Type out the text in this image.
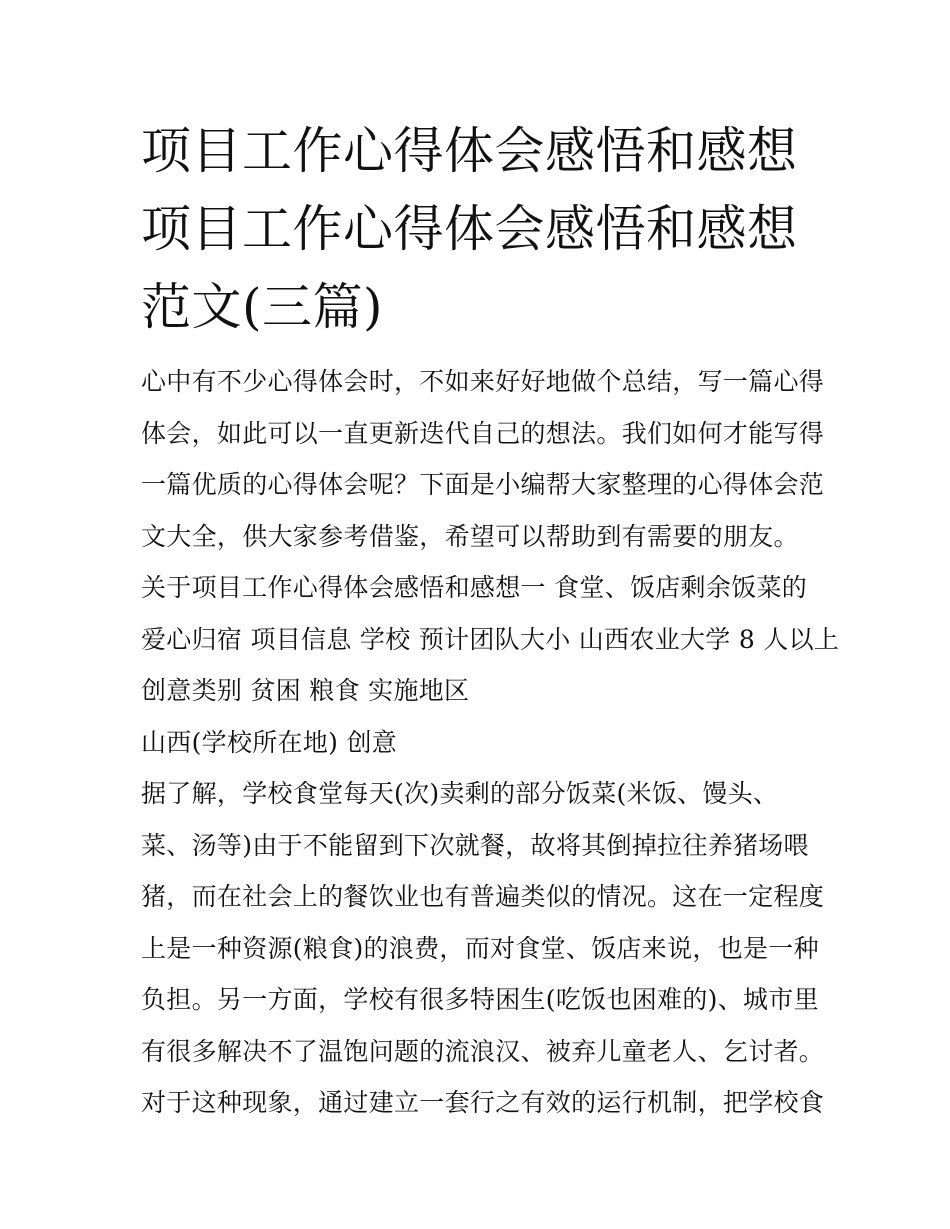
项目工作心得体会感悟和感想
项目工作心得体会感悟和感想
范文(三篇)
心中有不少心得体会时，不如来好好地做个总结，写一篇心得
体会，如此可以一直更新迭代自己的想法。我们如何才能写得
一篇优质的心得体会呢？下面是小编帮大家整理的心得体会范
文大全，供大家参考借鉴，希望可以帮助到有需要的朋友。
关于项目工作心得体会感悟和感想一 食堂、饭店剩余饭菜的
爱心归宿 项目信息 学校 预计团队大小 山西农业大学 8 人以上
创意类别 贫困 粮食 实施地区
山西(学校所在地) 创意
据了解，学校食堂每天(次)卖剩的部分饭菜(米饭、馒头、
菜、汤等)由于不能留到下次就餐，故将其倒掉拉往养猪场喂
猪，而在社会上的餐饮业也有普遍类似的情况。这在一定程度
上是一种资源(粮食)的浪费，而对食堂、饭店来说，也是一种
负担。另一方面，学校有很多特困生(吃饭也困难的)、城市里
有很多解决不了温饱问题的流浪汉、被弃儿童老人、乞讨者。
对于这种现象，通过建立一套行之有效的运行机制，把学校食
